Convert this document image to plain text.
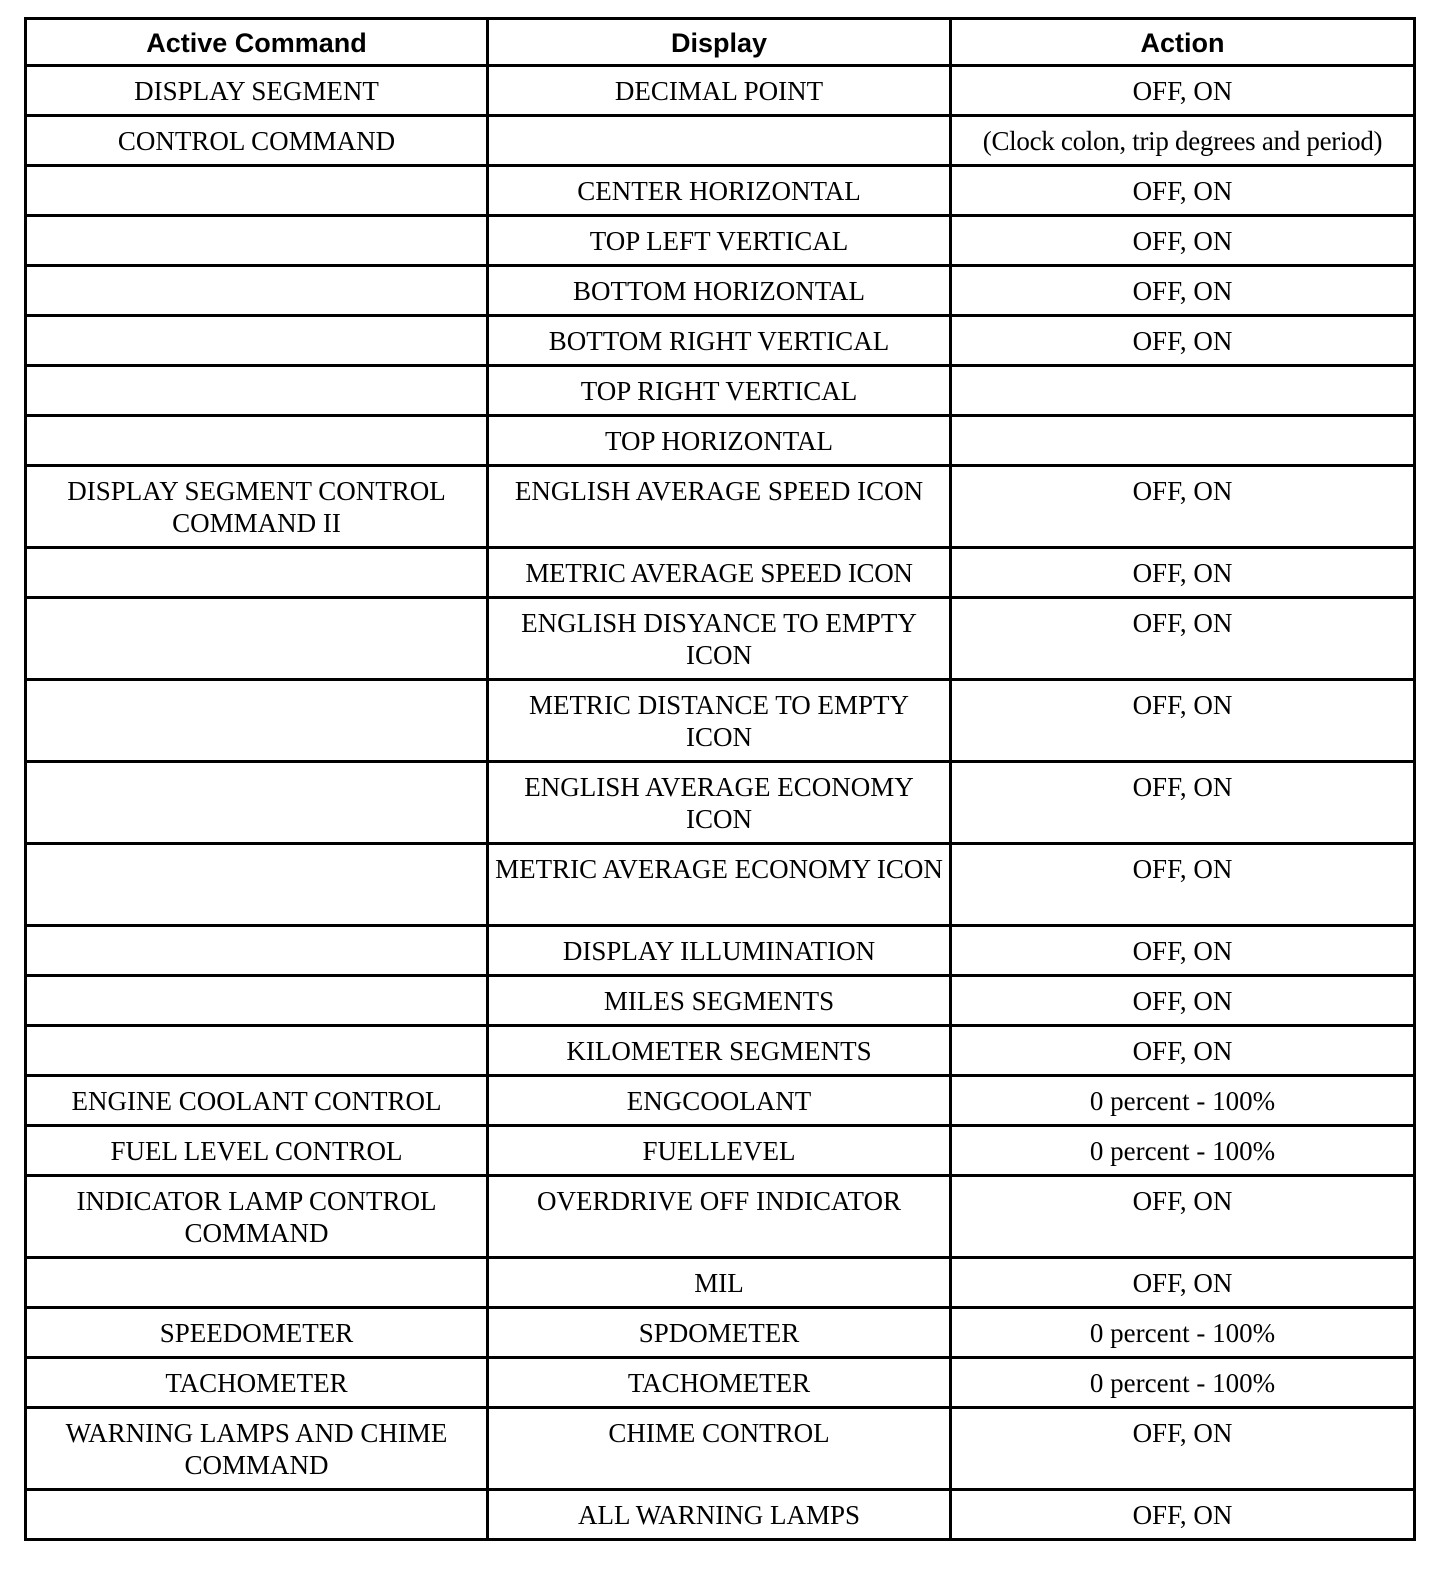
Active Command	Display	Action
DISPLAY SEGMENT	DECIMAL POINT	OFF, ON
CONTROL COMMAND		(Clock colon, trip degrees and period)
	CENTER HORIZONTAL	OFF, ON
	TOP LEFT VERTICAL	OFF, ON
	BOTTOM HORIZONTAL	OFF, ON
	BOTTOM RIGHT VERTICAL	OFF, ON
	TOP RIGHT VERTICAL	
	TOP HORIZONTAL	
DISPLAY SEGMENT CONTROL COMMAND II	ENGLISH AVERAGE SPEED ICON	OFF, ON
	METRIC AVERAGE SPEED ICON	OFF, ON
	ENGLISH DISYANCE TO EMPTY ICON	OFF, ON
	METRIC DISTANCE TO EMPTY ICON	OFF, ON
	ENGLISH AVERAGE ECONOMY ICON	OFF, ON
	METRIC AVERAGE ECONOMY ICON	OFF, ON
	DISPLAY ILLUMINATION	OFF, ON
	MILES SEGMENTS	OFF, ON
	KILOMETER SEGMENTS	OFF, ON
ENGINE COOLANT CONTROL	ENGCOOLANT	0 percent - 100%
FUEL LEVEL CONTROL	FUELLEVEL	0 percent - 100%
INDICATOR LAMP CONTROL COMMAND	OVERDRIVE OFF INDICATOR	OFF, ON
	MIL	OFF, ON
SPEEDOMETER	SPDOMETER	0 percent - 100%
TACHOMETER	TACHOMETER	0 percent - 100%
WARNING LAMPS AND CHIME COMMAND	CHIME CONTROL	OFF, ON
	ALL WARNING LAMPS	OFF, ON
